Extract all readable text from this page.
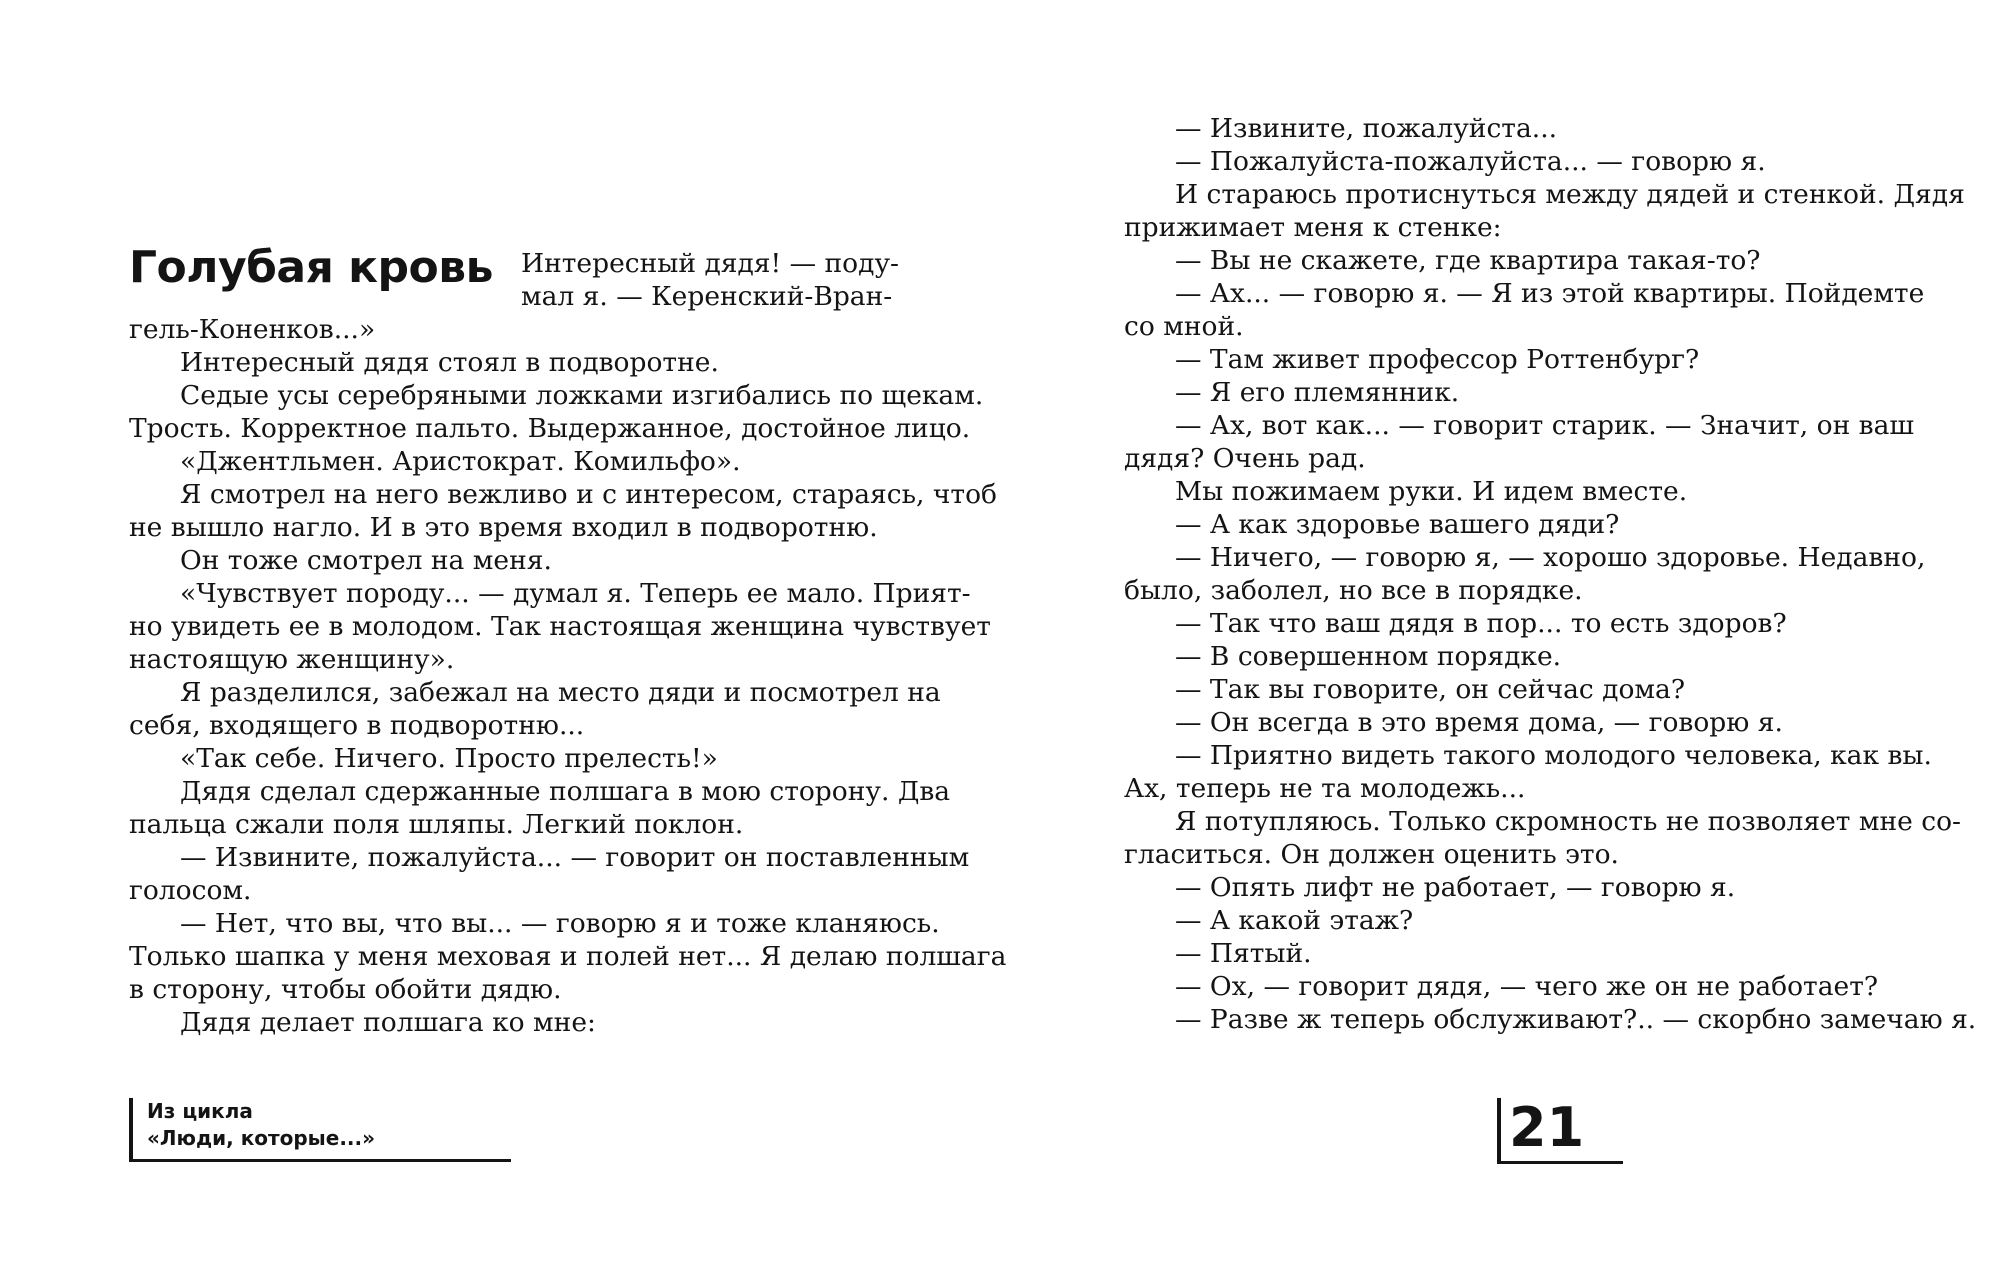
Голубая кровь Интересный дядя! — поду-
мал я. — Керенский-Вран-
гель-Коненков...»
Интересный дядя стоял в подворотне.
Седые усы серебряными ложками изгибались по щекам.
Трость. Корректное пальто. Выдержанное, достойное лицо.
«Джентльмен. Аристократ. Комильфо».
Я смотрел на него вежливо и с интересом, стараясь, чтоб
не вышло нагло. И в это время входил в подворотню.
Он тоже смотрел на меня.
«Чувствует породу... — думал я. Теперь ее мало. Прият-
но увидеть ее в молодом. Так настоящая женщина чувствует
настоящую женщину».
Я разделился, забежал на место дяди и посмотрел на
себя, входящего в подворотню...
«Так себе. Ничего. Просто прелесть!»
Дядя сделал сдержанные полшага в мою сторону. Два
пальца сжали поля шляпы. Легкий поклон.
— Извините, пожалуйста... — говорит он поставленным
голосом.
— Нет, что вы, что вы... — говорю я и тоже кланяюсь.
Только шапка у меня меховая и полей нет... Я делаю полшага
в сторону, чтобы обойти дядю.
Дядя делает полшага ко мне:
— Извините, пожалуйста...
— Пожалуйста-пожалуйста... — говорю я.
И стараюсь протиснуться между дядей и стенкой. Дядя
прижимает меня к стенке:
— Вы не скажете, где квартира такая-то?
— Ах... — говорю я. — Я из этой квартиры. Пойдемте
со мной.
— Там живет профессор Роттенбург?
— Я его племянник.
— Ах, вот как... — говорит старик. — Значит, он ваш
дядя? Очень рад.
Мы пожимаем руки. И идем вместе.
— А как здоровье вашего дяди?
— Ничего, — говорю я, — хорошо здоровье. Недавно,
было, заболел, но все в порядке.
— Так что ваш дядя в пор... то есть здоров?
— В совершенном порядке.
— Так вы говорите, он сейчас дома?
— Он всегда в это время дома, — говорю я.
— Приятно видеть такого молодого человека, как вы.
Ах, теперь не та молодежь...
Я потупляюсь. Только скромность не позволяет мне со-
гласиться. Он должен оценить это.
— Опять лифт не работает, — говорю я.
— А какой этаж?
— Пятый.
— Ох, — говорит дядя, — чего же он не работает?
— Разве ж теперь обслуживают?.. — скорбно замечаю я.
Из цикла
«Люди, которые...»	21
